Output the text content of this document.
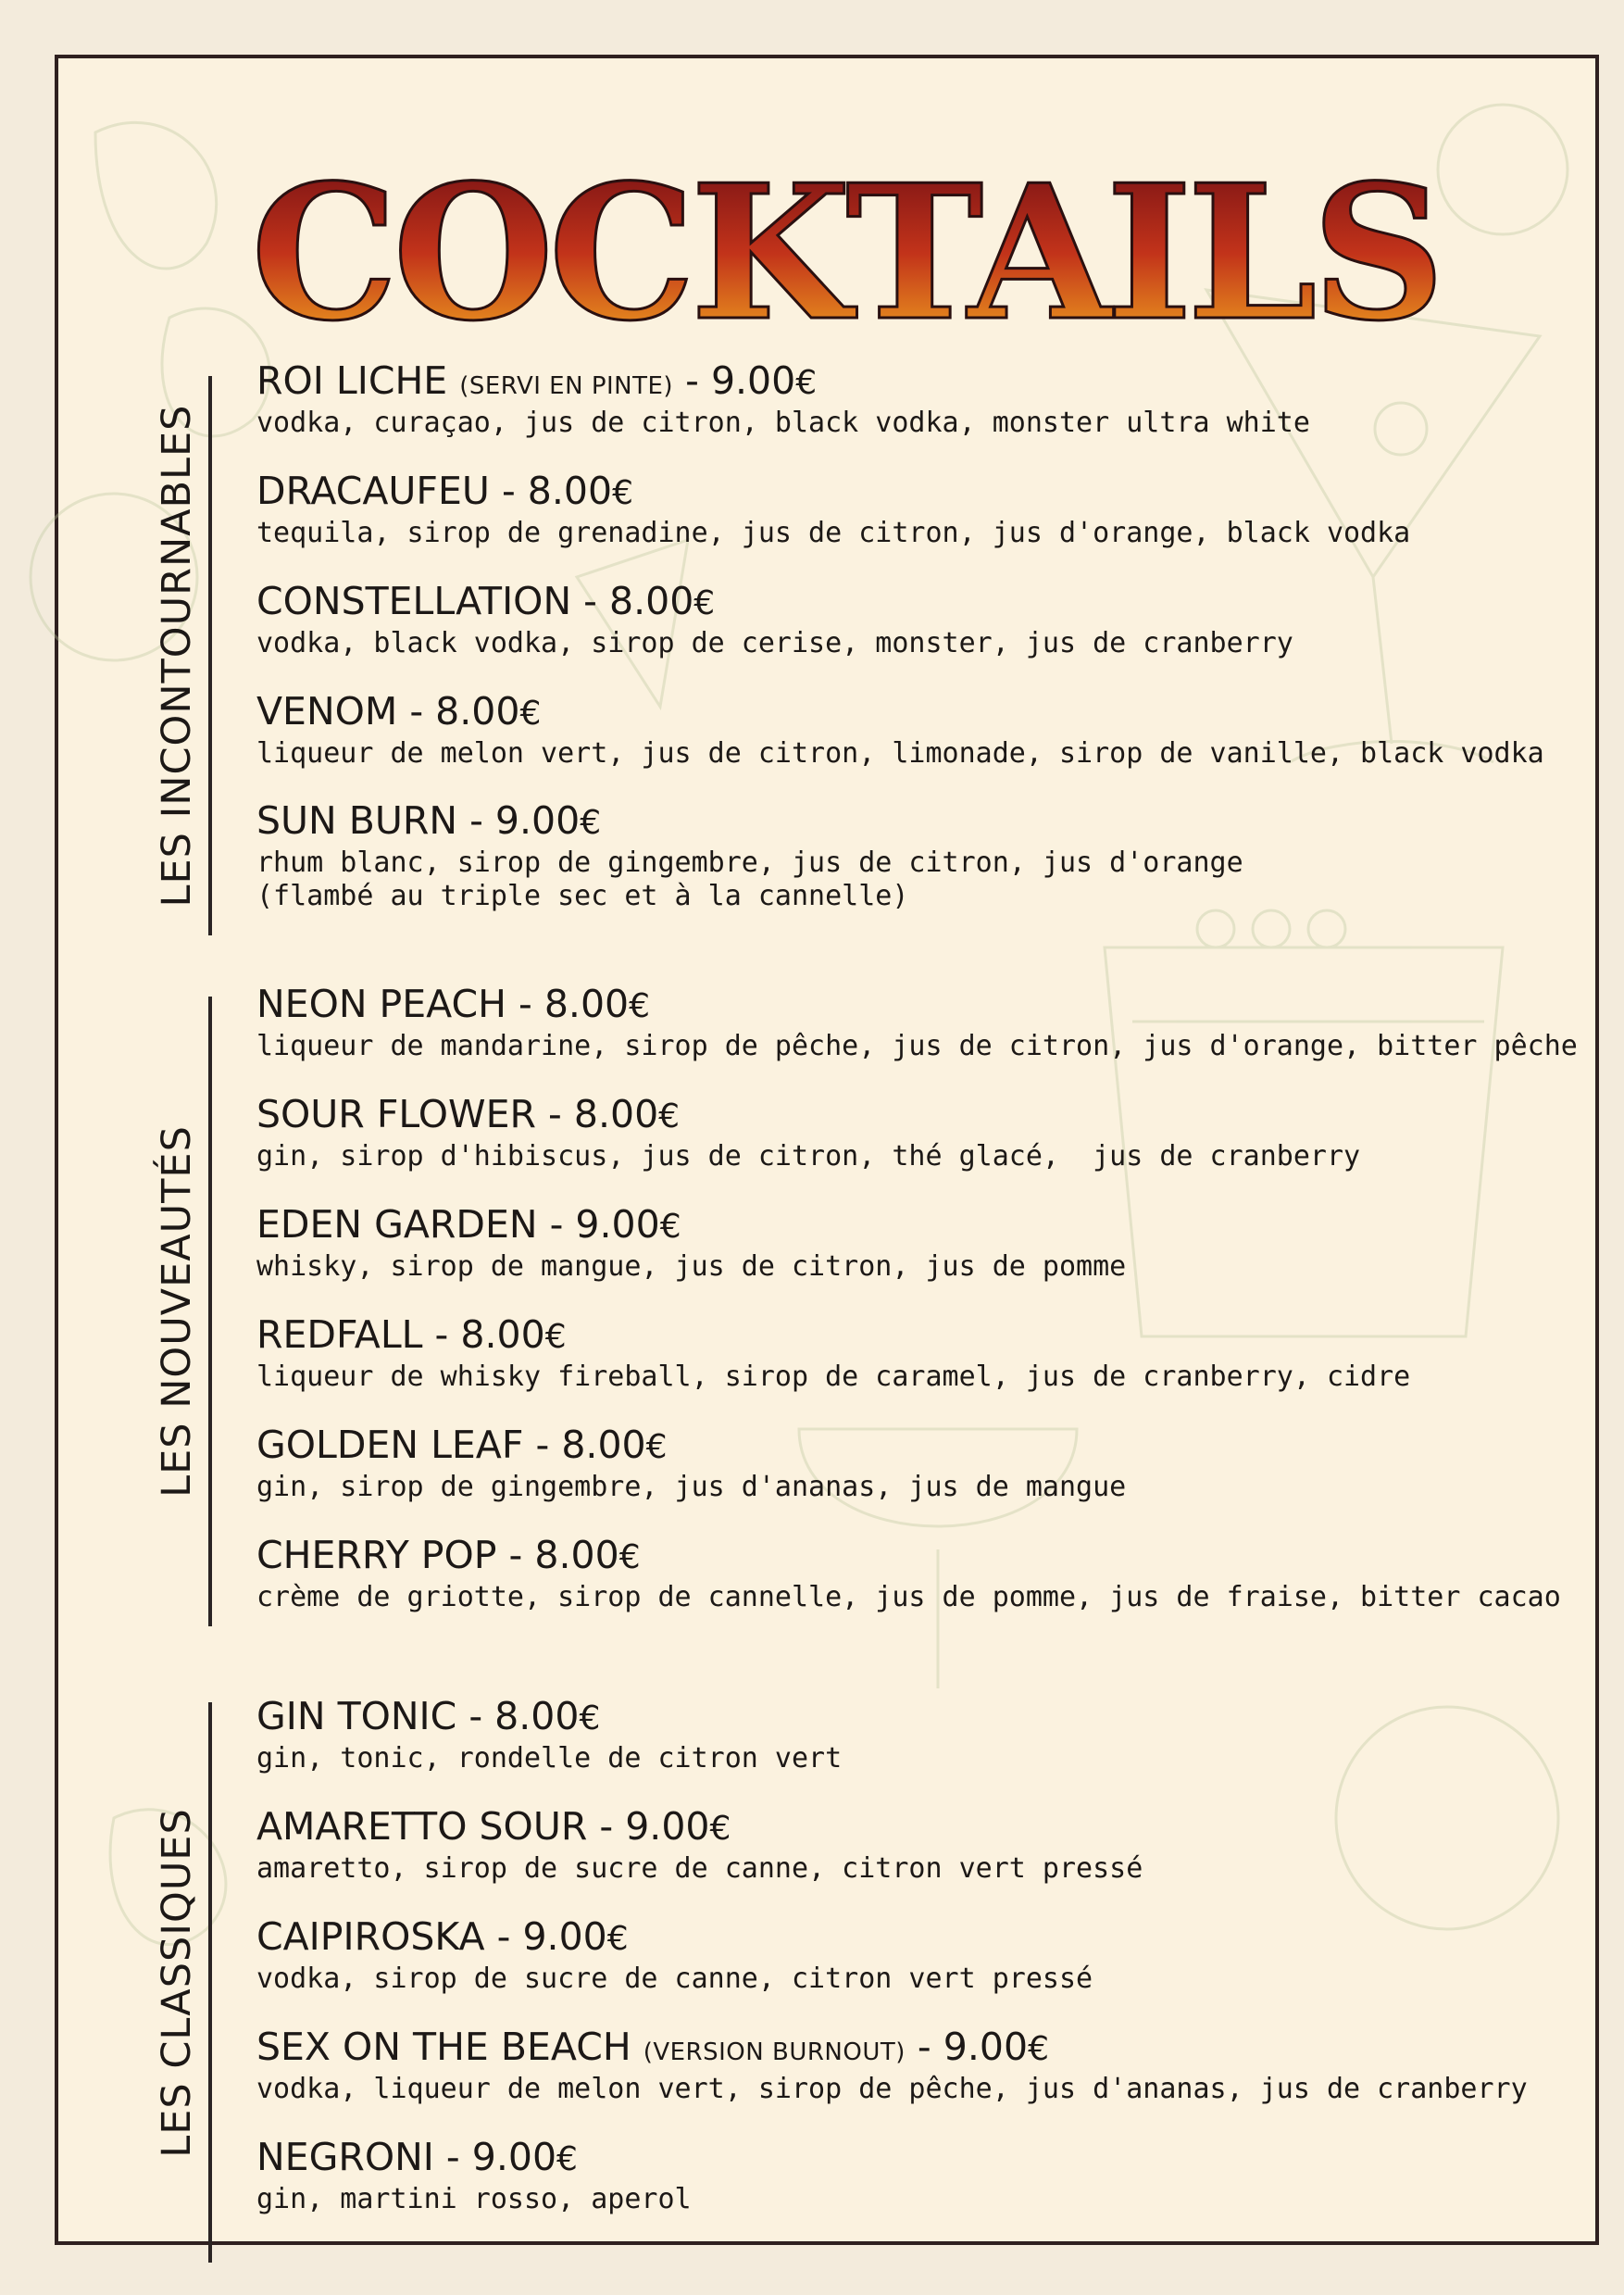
COCKTAILS
LES INCONTOURNABLES
ROI LICHE (SERVI EN PINTE) - 9.00€
vodka, curaçao, jus de citron, black vodka, monster ultra white
DRACAUFEU - 8.00€
tequila, sirop de grenadine, jus de citron, jus d'orange, black vodka
CONSTELLATION - 8.00€
vodka, black vodka, sirop de cerise, monster, jus de cranberry
VENOM - 8.00€
liqueur de melon vert, jus de citron, limonade, sirop de vanille, black vodka
SUN BURN - 9.00€
rhum blanc, sirop de gingembre, jus de citron, jus d'orange
(flambé au triple sec et à la cannelle)
LES NOUVEAUTÉS
NEON PEACH - 8.00€
liqueur de mandarine, sirop de pêche, jus de citron, jus d'orange, bitter pêche
SOUR FLOWER - 8.00€
gin, sirop d'hibiscus, jus de citron, thé glacé,  jus de cranberry
EDEN GARDEN - 9.00€
whisky, sirop de mangue, jus de citron, jus de pomme
REDFALL - 8.00€
liqueur de whisky fireball, sirop de caramel, jus de cranberry, cidre
GOLDEN LEAF - 8.00€
gin, sirop de gingembre, jus d'ananas, jus de mangue
CHERRY POP - 8.00€
crème de griotte, sirop de cannelle, jus de pomme, jus de fraise, bitter cacao
LES CLASSIQUES
GIN TONIC - 8.00€
gin, tonic, rondelle de citron vert
AMARETTO SOUR - 9.00€
amaretto, sirop de sucre de canne, citron vert pressé
CAIPIROSKA - 9.00€
vodka, sirop de sucre de canne, citron vert pressé
SEX ON THE BEACH (VERSION BURNOUT) - 9.00€
vodka, liqueur de melon vert, sirop de pêche, jus d'ananas, jus de cranberry
NEGRONI - 9.00€
gin, martini rosso, aperol
